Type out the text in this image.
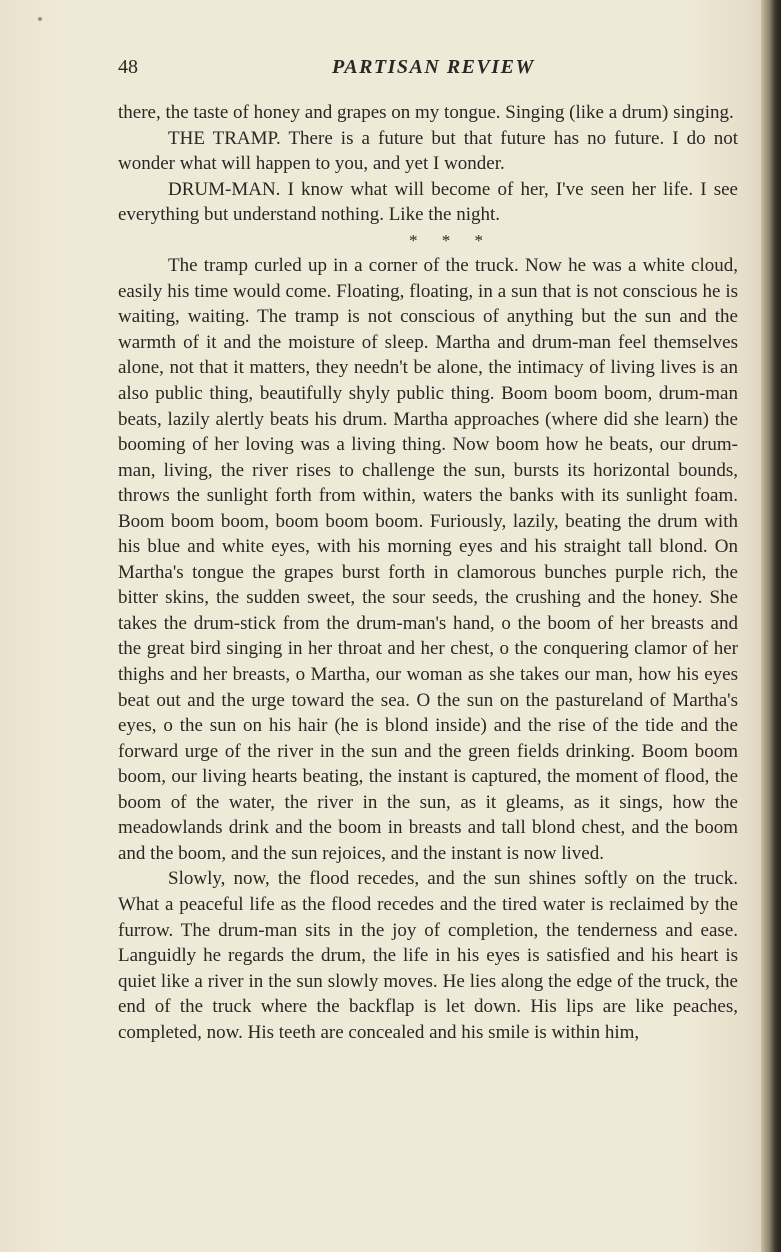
48	PARTISAN REVIEW

there, the taste of honey and grapes on my tongue. Singing (like a drum) singing.

THE TRAMP. There is a future but that future has no future. I do not wonder what will happen to you, and yet I wonder.

DRUM-MAN. I know what will become of her, I've seen her life. I see everything but understand nothing. Like the night.

* * *

The tramp curled up in a corner of the truck. Now he was a white cloud, easily his time would come. Floating, floating, in a sun that is not conscious he is waiting, waiting. The tramp is not conscious of anything but the sun and the warmth of it and the moisture of sleep. Martha and drum-man feel themselves alone, not that it matters, they needn't be alone, the intimacy of living lives is an also public thing, beautifully shyly public thing. Boom boom boom, drum-man beats, lazily alertly beats his drum. Martha approaches (where did she learn) the booming of her loving was a living thing. Now boom how he beats, our drum-man, living, the river rises to challenge the sun, bursts its horizontal bounds, throws the sunlight forth from within, waters the banks with its sunlight foam. Boom boom boom, boom boom boom. Furiously, lazily, beating the drum with his blue and white eyes, with his morning eyes and his straight tall blond. On Martha's tongue the grapes burst forth in clamorous bunches purple rich, the bitter skins, the sudden sweet, the sour seeds, the crushing and the honey. She takes the drum-stick from the drum-man's hand, o the boom of her breasts and the great bird singing in her throat and her chest, o the conquering clamor of her thighs and her breasts, o Martha, our woman as she takes our man, how his eyes beat out and the urge toward the sea. O the sun on the pastureland of Martha's eyes, o the sun on his hair (he is blond inside) and the rise of the tide and the forward urge of the river in the sun and the green fields drinking. Boom boom boom, our living hearts beating, the instant is captured, the moment of flood, the boom of the water, the river in the sun, as it gleams, as it sings, how the meadowlands drink and the boom in breasts and tall blond chest, and the boom and the boom, and the sun rejoices, and the instant is now lived.

Slowly, now, the flood recedes, and the sun shines softly on the truck. What a peaceful life as the flood recedes and the tired water is reclaimed by the furrow. The drum-man sits in the joy of completion, the tenderness and ease. Languidly he regards the drum, the life in his eyes is satisfied and his heart is quiet like a river in the sun slowly moves. He lies along the edge of the truck, the end of the truck where the backflap is let down. His lips are like peaches, completed, now. His teeth are concealed and his smile is within him,
